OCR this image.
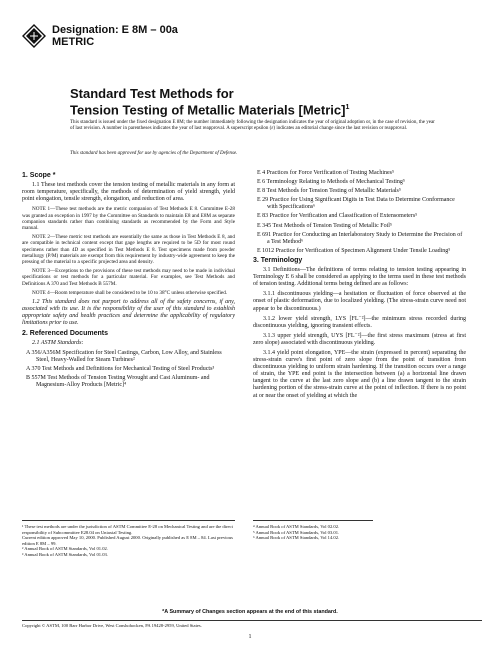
Designation: E 8M – 00a
METRIC
Standard Test Methods for
Tension Testing of Metallic Materials [Metric]$^1$
This standard is issued under the fixed designation E 8M; the number immediately following the designation indicates the year of original adoption or, in the case of revision, the year of last revision. A number in parentheses indicates the year of last reapproval. A superscript epsilon (ε) indicates an editorial change since the last revision or reapproval.
This standard has been approved for use by agencies of the Department of Defense.
1. Scope *

1.1 These test methods cover the tension testing of metallic materials in any form at room temperature, specifically, the methods of determination of yield strength, yield point elongation, tensile strength, elongation, and reduction of area.

NOTE 1—These test methods are the metric companion of Test Methods E 8. Committee E-28 was granted an exception in 1997 by the Committee on Standards to maintain E8 and E8M as separate companion standards rather than combining standards as recommended by the Form and Style manual.
NOTE 2—These metric test methods are essentially the same as those in Test Methods E 8, and are compatible in technical content except that gage lengths are required to be 5D for most round specimens rather than 4D as specified in Test Methods E 8. Test specimens made from powder metallurgy (P/M) materials are exempt from this requirement by industry-wide agreement to keep the pressing of the material to a specific projected area and density.
NOTE 3—Exceptions to the provisions of these test methods may need to be made in individual specifications or test methods for a particular material. For examples, see Test Methods and Definitions A 370 and Test Methods B 557M.
NOTE 4—Room temperature shall be considered to be 10 to 38°C unless otherwise specified.

1.2 This standard does not purport to address all of the safety concerns, if any, associated with its use. It is the responsibility of the user of this standard to establish appropriate safety and health practices and determine the applicability of regulatory limitations prior to use.

2. Referenced Documents
2.1 ASTM Standards:
A 356/A356M Specification for Steel Castings, Carbon, Low Alloy, and Stainless Steel, Heavy-Walled for Steam Turbines²
A 370 Test Methods and Definitions for Mechanical Testing of Steel Products³
B 557M Test Methods of Tension Testing Wrought and Cast Aluminum- and Magnesium-Alloy Products [Metric]⁴
E 4 Practices for Force Verification of Testing Machines⁵
E 6 Terminology Relating to Methods of Mechanical Testing⁵
E 8 Test Methods for Tension Testing of Metallic Materials⁵
E 29 Practice for Using Significant Digits in Test Data to Determine Conformance with Specifications⁶
E 83 Practice for Verification and Classification of Extensometers⁵
E 345 Test Methods of Tension Testing of Metallic Foil⁵
E 691 Practice for Conducting an Interlaboratory Study to Determine the Precision of a Test Method⁶
E 1012 Practice for Verification of Specimen Alignment Under Tensile Loading⁵
3. Terminology

3.1 Definitions—The definitions of terms relating to tension testing appearing in Terminology E 6 shall be considered as applying to the terms used in these test methods of tension testing. Additional terms being defined are as follows:

3.1.1 discontinuous yielding—a hesitation or fluctuation of force observed at the onset of plastic deformation, due to localized yielding. (The stress-strain curve need not appear to be discontinuous.)

3.1.2 lower yield strength, LYS [FL⁻²]—the minimum stress recorded during discontinuous yielding, ignoring transient effects.

3.1.3 upper yield strength, UYS [FL⁻²]—the first stress maximum (stress at first zero slope) associated with discontinuous yielding.

3.1.4 yield point elongation, YPE—the strain (expressed in percent) separating the stress-strain curve's first point of zero slope from the point of transition from discontinuous yielding to uniform strain hardening. If the transition occurs over a range of strain, the YPE end point is the intersection between (a) a horizontal line drawn tangent to the curve at the last zero slope and (b) a line drawn tangent to the strain hardening portion of the stress-strain curve at the point of inflection. If there is no point at or near the onset of yielding at which the

¹ These test methods are under the jurisdiction of ASTM Committee E-28 on Mechanical Testing and are the direct responsibility of Subcommittee E28.04 on Uniaxial Testing.
Current edition approved May 10, 2000. Published August 2000. Originally published as E 8M – 84. Last previous edition E 8M – 99.
² Annual Book of ASTM Standards, Vol 01.02.
³ Annual Book of ASTM Standards, Vol 01.03.
⁴ Annual Book of ASTM Standards, Vol 02.02.
⁵ Annual Book of ASTM Standards, Vol 03.01.
⁶ Annual Book of ASTM Standards, Vol 14.02.
*A Summary of Changes section appears at the end of this standard.
Copyright © ASTM, 100 Barr Harbor Drive, West Conshohocken, PA 19428-2959, United States.
1
